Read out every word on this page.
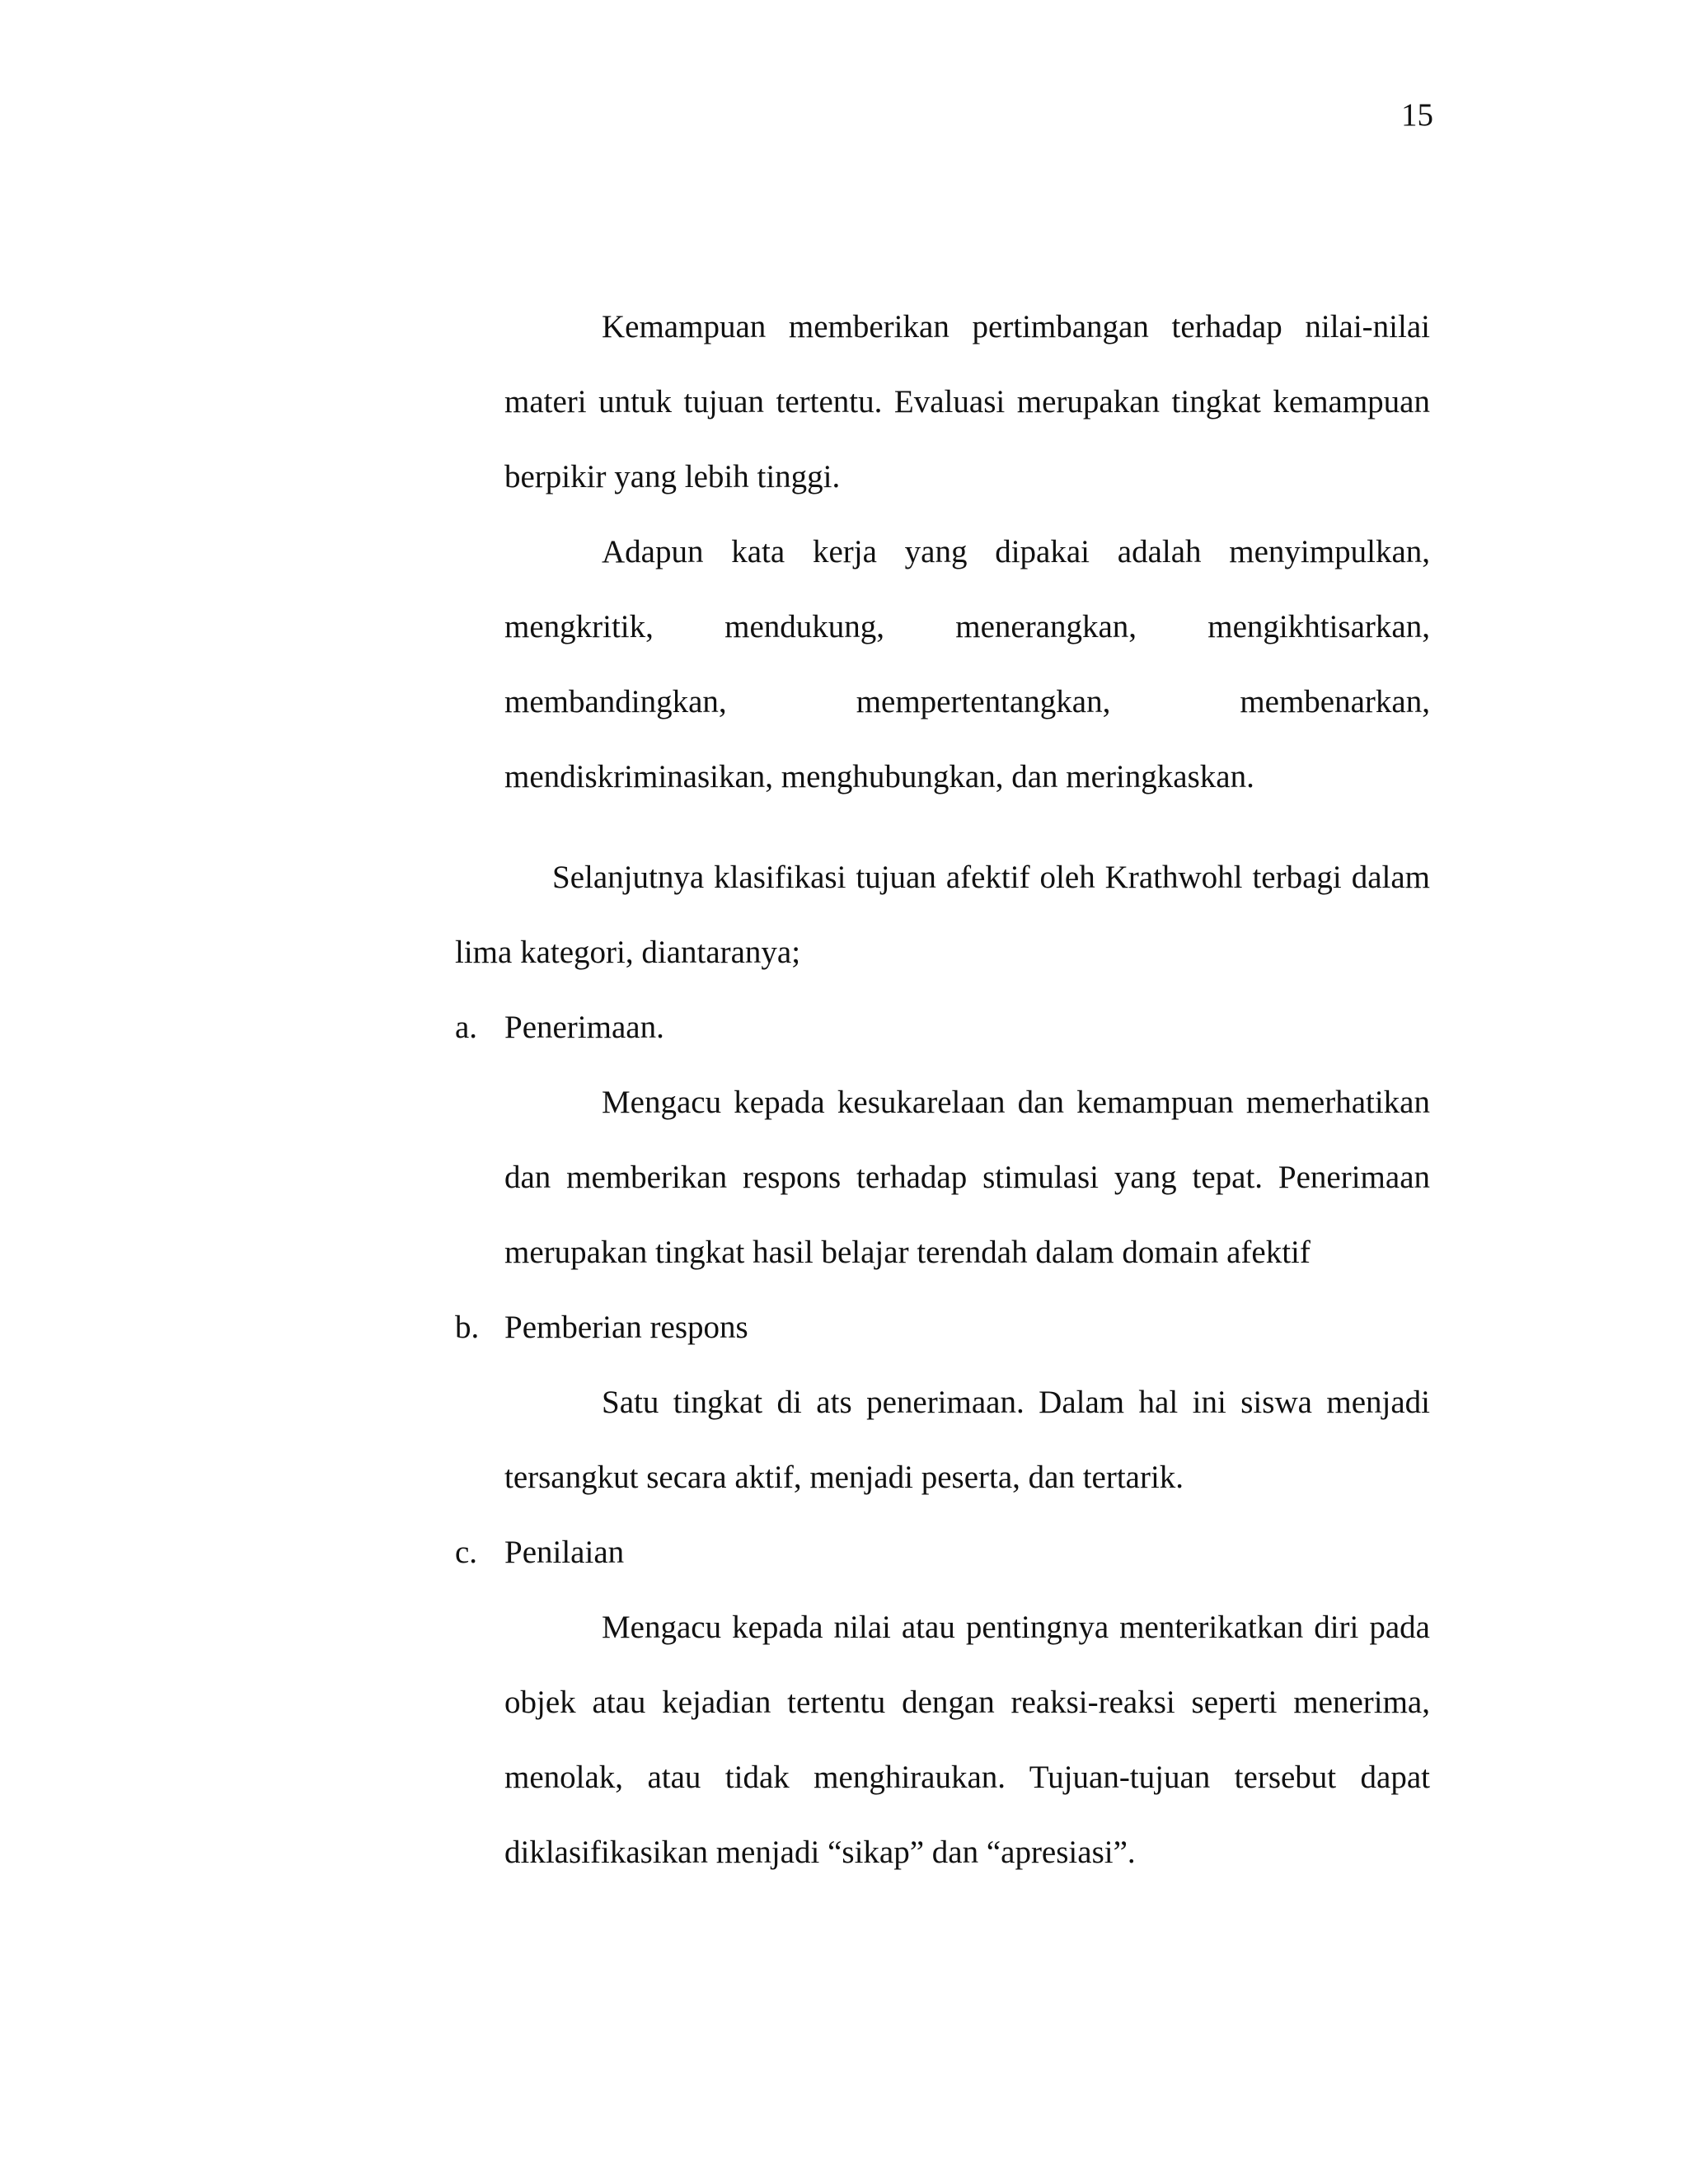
15
Kemampuan memberikan pertimbangan terhadap nilai-nilai
materi untuk tujuan tertentu. Evaluasi merupakan tingkat kemampuan
berpikir yang lebih tinggi.
Adapun kata kerja yang dipakai adalah menyimpulkan,
mengkritik, mendukung, menerangkan, mengikhtisarkan,
membandingkan,	mempertentangkan,	membenarkan,
mendiskriminasikan, menghubungkan, dan meringkaskan.
Selanjutnya klasifikasi tujuan afektif oleh Krathwohl terbagi dalam
lima kategori, diantaranya;
a. Penerimaan.
Mengacu kepada kesukarelaan dan kemampuan memerhatikan
dan memberikan respons terhadap stimulasi yang tepat. Penerimaan
merupakan tingkat hasil belajar terendah dalam domain afektif
b. Pemberian respons
Satu tingkat di ats penerimaan. Dalam hal ini siswa menjadi
tersangkut secara aktif, menjadi peserta, dan tertarik.
c. Penilaian
Mengacu kepada nilai atau pentingnya menterikatkan diri pada
objek atau kejadian tertentu dengan reaksi-reaksi seperti menerima,
menolak, atau tidak menghiraukan. Tujuan-tujuan tersebut dapat
diklasifikasikan menjadi “sikap” dan “apresiasi”.
